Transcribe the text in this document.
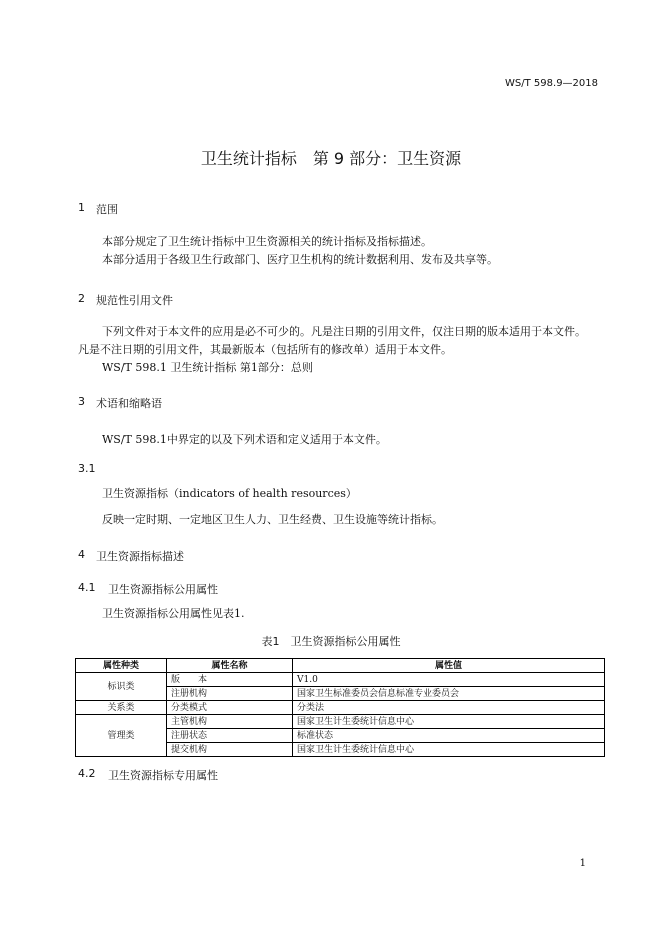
WS/T 598.9—2018
卫生统计指标　第 9 部分：卫生资源
1 范围
本部分规定了卫生统计指标中卫生资源相关的统计指标及指标描述。
本部分适用于各级卫生行政部门、医疗卫生机构的统计数据利用、发布及共享等。
2 规范性引用文件
下列文件对于本文件的应用是必不可少的。凡是注日期的引用文件，仅注日期的版本适用于本文件。
凡是不注日期的引用文件，其最新版本（包括所有的修改单）适用于本文件。
WS/T 598.1 卫生统计指标 第1部分：总则
3 术语和缩略语
WS/T 598.1中界定的以及下列术语和定义适用于本文件。
3.1
卫生资源指标（indicators of health resources）
反映一定时期、一定地区卫生人力、卫生经费、卫生设施等统计指标。
4 卫生资源指标描述
4.1 卫生资源指标公用属性
卫生资源指标公用属性见表1.
表1　卫生资源指标公用属性
属性种类	属性名称	属性值
标识类	版　　本	V1.0
	注册机构	国家卫生标准委员会信息标准专业委员会
关系类	分类模式	分类法
管理类	主管机构	国家卫生计生委统计信息中心
	注册状态	标准状态
	提交机构	国家卫生计生委统计信息中心
4.2 卫生资源指标专用属性
1
